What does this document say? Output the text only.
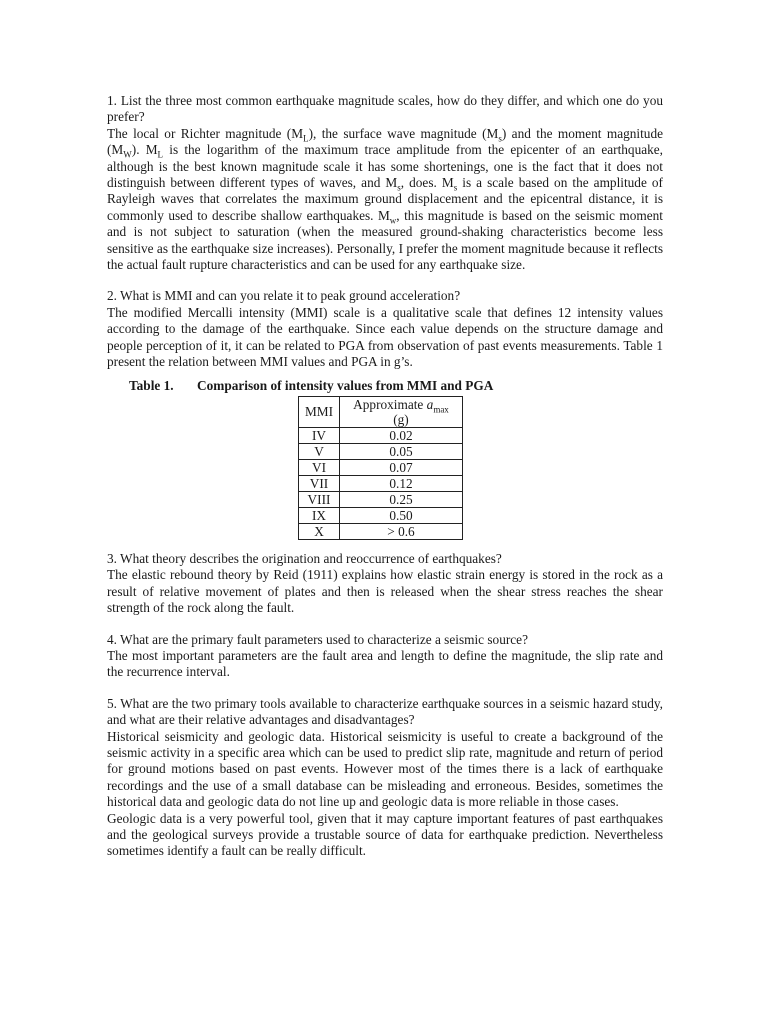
1. List the three most common earthquake magnitude scales, how do they differ, and which one do you prefer?

The local or Richter magnitude $(M_L)$, the surface wave magnitude $(M_s)$ and the moment magnitude $(M_W)$. $M_L$ is the logarithm of the maximum trace amplitude from the epicenter of an earthquake, although is the best known magnitude scale it has some shortenings, one is the fact that it does not distinguish between different types of waves, and $M_s$, does. $M_s$ is a scale based on the amplitude of Rayleigh waves that correlates the maximum ground displacement and the epicentral distance, it is commonly used to describe shallow earthquakes. $M_w$, this magnitude is based on the seismic moment and is not subject to saturation (when the measured ground-shaking characteristics become less sensitive as the earthquake size increases). Personally, I prefer the moment magnitude because it reflects the actual fault rupture characteristics and can be used for any earthquake size.

2. What is MMI and can you relate it to peak ground acceleration?

The modified Mercalli intensity (MMI) scale is a qualitative scale that defines 12 intensity values according to the damage of the earthquake. Since each value depends on the structure damage and people perception of it, it can be related to PGA from observation of past events measurements. Table 1 present the relation between MMI values and PGA in g’s.

Table 1. Comparison of intensity values from MMI and PGA
MMI	Approximate $a_{max}$ (g)
IV	0.02
V	0.05
VI	0.07
VII	0.12
VIII	0.25
IX	0.50
X	> 0.6

3. What theory describes the origination and reoccurrence of earthquakes?

The elastic rebound theory by Reid (1911) explains how elastic strain energy is stored in the rock as a result of relative movement of plates and then is released when the shear stress reaches the shear strength of the rock along the fault.

4. What are the primary fault parameters used to characterize a seismic source?

The most important parameters are the fault area and length to define the magnitude, the slip rate and the recurrence interval.

5. What are the two primary tools available to characterize earthquake sources in a seismic hazard study, and what are their relative advantages and disadvantages?

Historical seismicity and geologic data. Historical seismicity is useful to create a background of the seismic activity in a specific area which can be used to predict slip rate, magnitude and return of period for ground motions based on past events. However most of the times there is a lack of earthquake recordings and the use of a small database can be misleading and erroneous. Besides, sometimes the historical data and geologic data do not line up and geologic data is more reliable in those cases.

Geologic data is a very powerful tool, given that it may capture important features of past earthquakes and the geological surveys provide a trustable source of data for earthquake prediction. Nevertheless sometimes identify a fault can be really difficult.
